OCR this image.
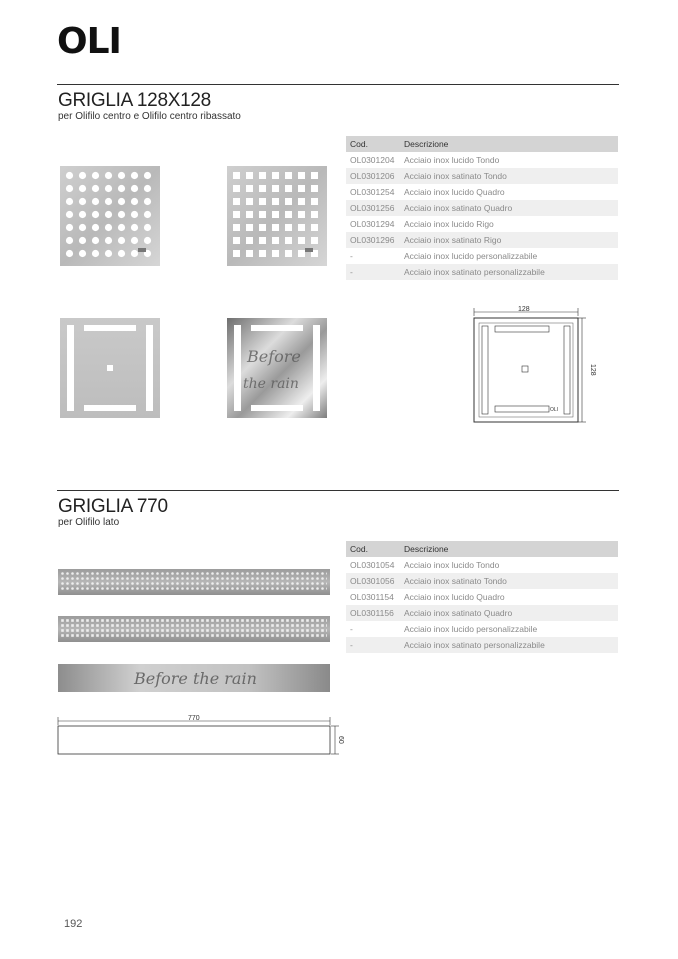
OLI
GRIGLIA 128X128
per Olifilo centro e Olifilo centro ribassato
Cod.	Descrizione
OL0301204	Acciaio inox lucido Tondo
OL0301206	Acciaio inox satinato Tondo
OL0301254	Acciaio inox lucido Quadro
OL0301256	Acciaio inox satinato Quadro
OL0301294	Acciaio inox lucido Rigo
OL0301296	Acciaio inox satinato Rigo
-	Acciaio inox lucido personalizzabile
-	Acciaio inox satinato personalizzabile
Before
the rain
128
OLI
128
GRIGLIA 770
per Olifilo lato
Cod.	Descrizione
OL0301054	Acciaio inox lucido Tondo
OL0301056	Acciaio inox satinato Tondo
OL0301154	Acciaio inox lucido Quadro
OL0301156	Acciaio inox satinato Quadro
-	Acciaio inox lucido personalizzabile
-	Acciaio inox satinato personalizzabile
Before the rain
770
60
192
